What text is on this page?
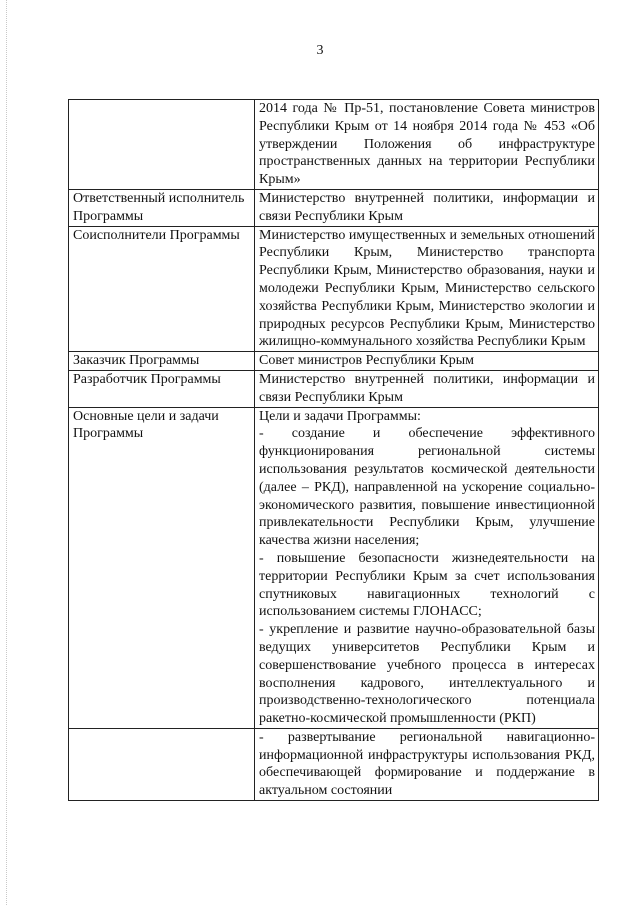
3

	2014 года № Пр-51, постановление Совета министров Республики Крым от 14 ноября 2014 года № 453 «Об утверждении Положения об инфраструктуре пространственных данных на территории Республики Крым»

Ответственный исполнитель Программы	Министерство внутренней политики, информации и связи Республики Крым

Соисполнители Программы	Министерство имущественных и земельных отношений Республики Крым, Министерство транспорта Республики Крым, Министерство образования, науки и молодежи Республики Крым, Министерство сельского хозяйства Республики Крым, Министерство экологии и природных ресурсов Республики Крым, Министерство жилищно-коммунального хозяйства Республики Крым

Заказчик Программы	Совет министров Республики Крым

Разработчик Программы	Министерство внутренней политики, информации и связи Республики Крым

Основные цели и задачи Программы	Цели и задачи Программы:

- создание и обеспечение эффективного функционирования региональной системы использования результатов космической деятельности (далее – РКД), направленной на ускорение социально-экономического развития, повышение инвестиционной привлекательности Республики Крым, улучшение качества жизни населения;

- повышение безопасности жизнедеятельности на территории Республики Крым за счет использования спутниковых навигационных технологий с использованием системы ГЛОНАСС;

- укрепление и развитие научно-образовательной базы ведущих университетов Республики Крым и совершенствование учебного процесса в интересах восполнения кадрового, интеллектуального и производственно-технологического потенциала ракетно-космической промышленности (РКП)

	- развертывание региональной навигационно-информационной инфраструктуры использования РКД, обеспечивающей формирование и поддержание в актуальном состоянии
